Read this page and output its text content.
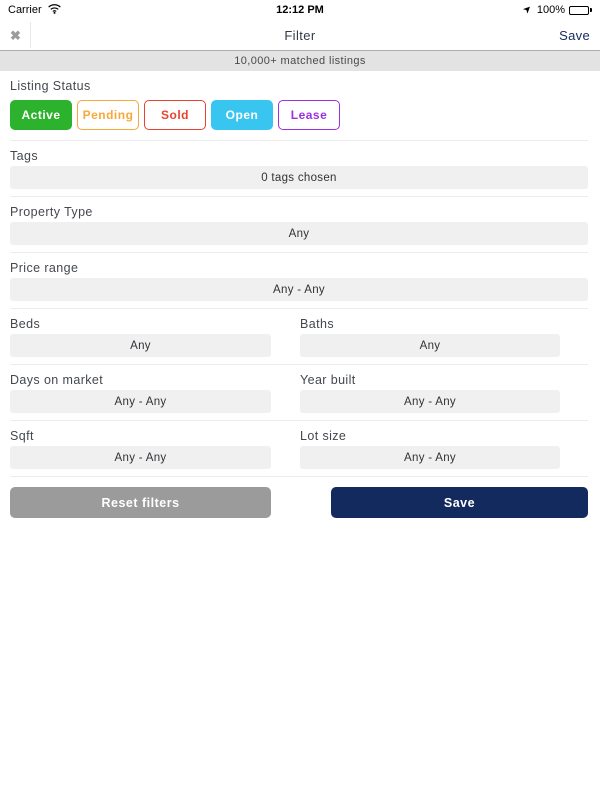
Carrier	12:12 PM	➤ 100%
✖	Filter	Save
10,000+ matched listings
Listing Status
Active	Pending	Sold	Open	Lease
Tags
0 tags chosen
Property Type
Any
Price range
Any - Any
Beds
Any
Baths
Any
Days on market
Any - Any
Year built
Any - Any
Sqft
Any - Any
Lot size
Any - Any
Reset filters	Save
